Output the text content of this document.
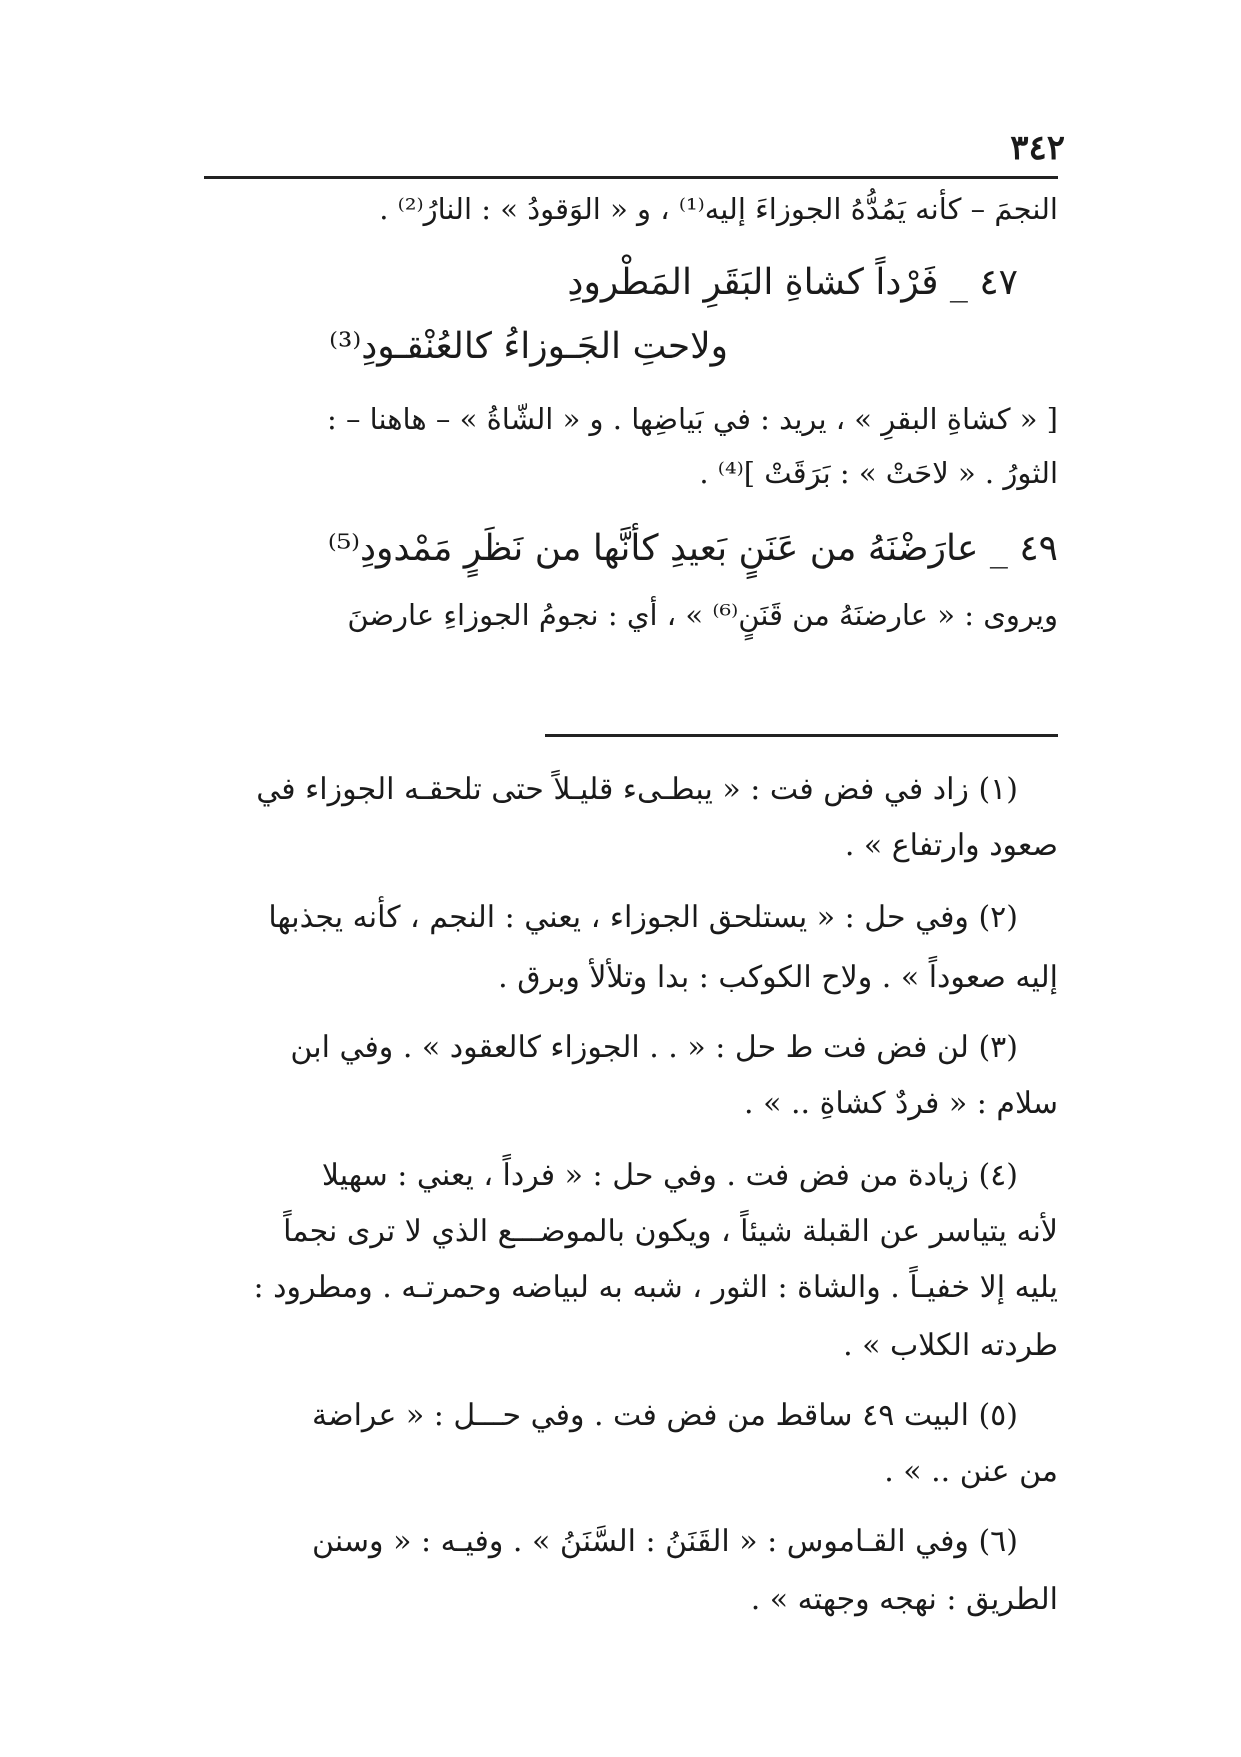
٣٤٢
النجمَ – كأنه يَمُدُّهُ الجوزاءَ إليه⁽¹⁾ ، و « الوَقودُ » : النارُ⁽²⁾ .
٤٧ _ فَرْداً كشاةِ البَقَرِ المَطْرودِ
ولاحتِ الجَـوزاءُ كالعُنْقـودِ⁽³⁾
[ « كشاةِ البقرِ » ، يريد : في بَياضِها . و « الشّاةُ » – هاهنا – :
الثورُ . « لاحَتْ » : بَرَقَتْ ]⁽⁴⁾ .
٤٩ _ عارَضْنَهُ من عَنَنٍ بَعيدِ كأنَّها من نَظَرٍ مَمْدودِ⁽⁵⁾
ويروى : « عارضنَهُ من قَنَنٍ⁽⁶⁾ » ، أي : نجومُ الجوزاءِ عارضنَ
(١) زاد في فض فت : « يبطـىء قليـلاً حتى تلحقـه الجوزاء في
صعود وارتفاع » .
(٢) وفي حل : « يستلحق الجوزاء ، يعني : النجم ، كأنه يجذبها
إليه صعوداً » . ولاح الكوكب : بدا وتلألأ وبرق .
(٣) لن فض فت ط حل : « . . الجوزاء كالعقود » . وفي ابن
سلام : « فردٌ كشاةِ .. » .
(٤) زيادة من فض فت . وفي حل : « فرداً ، يعني : سهيلا
لأنه يتياسر عن القبلة شيئاً ، ويكون بالموضـــع الذي لا ترى نجماً
يليه إلا خفيـاً . والشاة : الثور ، شبه به لبياضه وحمرتـه . ومطرود :
طردته الكلاب » .
(٥) البيت ٤٩ ساقط من فض فت . وفي حـــل : « عراضة
من عنن .. » .
(٦) وفي القـاموس : « القَنَنُ : السَّنَنُ » . وفيـه : « وسنن
الطريق : نهجه وجهته » .
